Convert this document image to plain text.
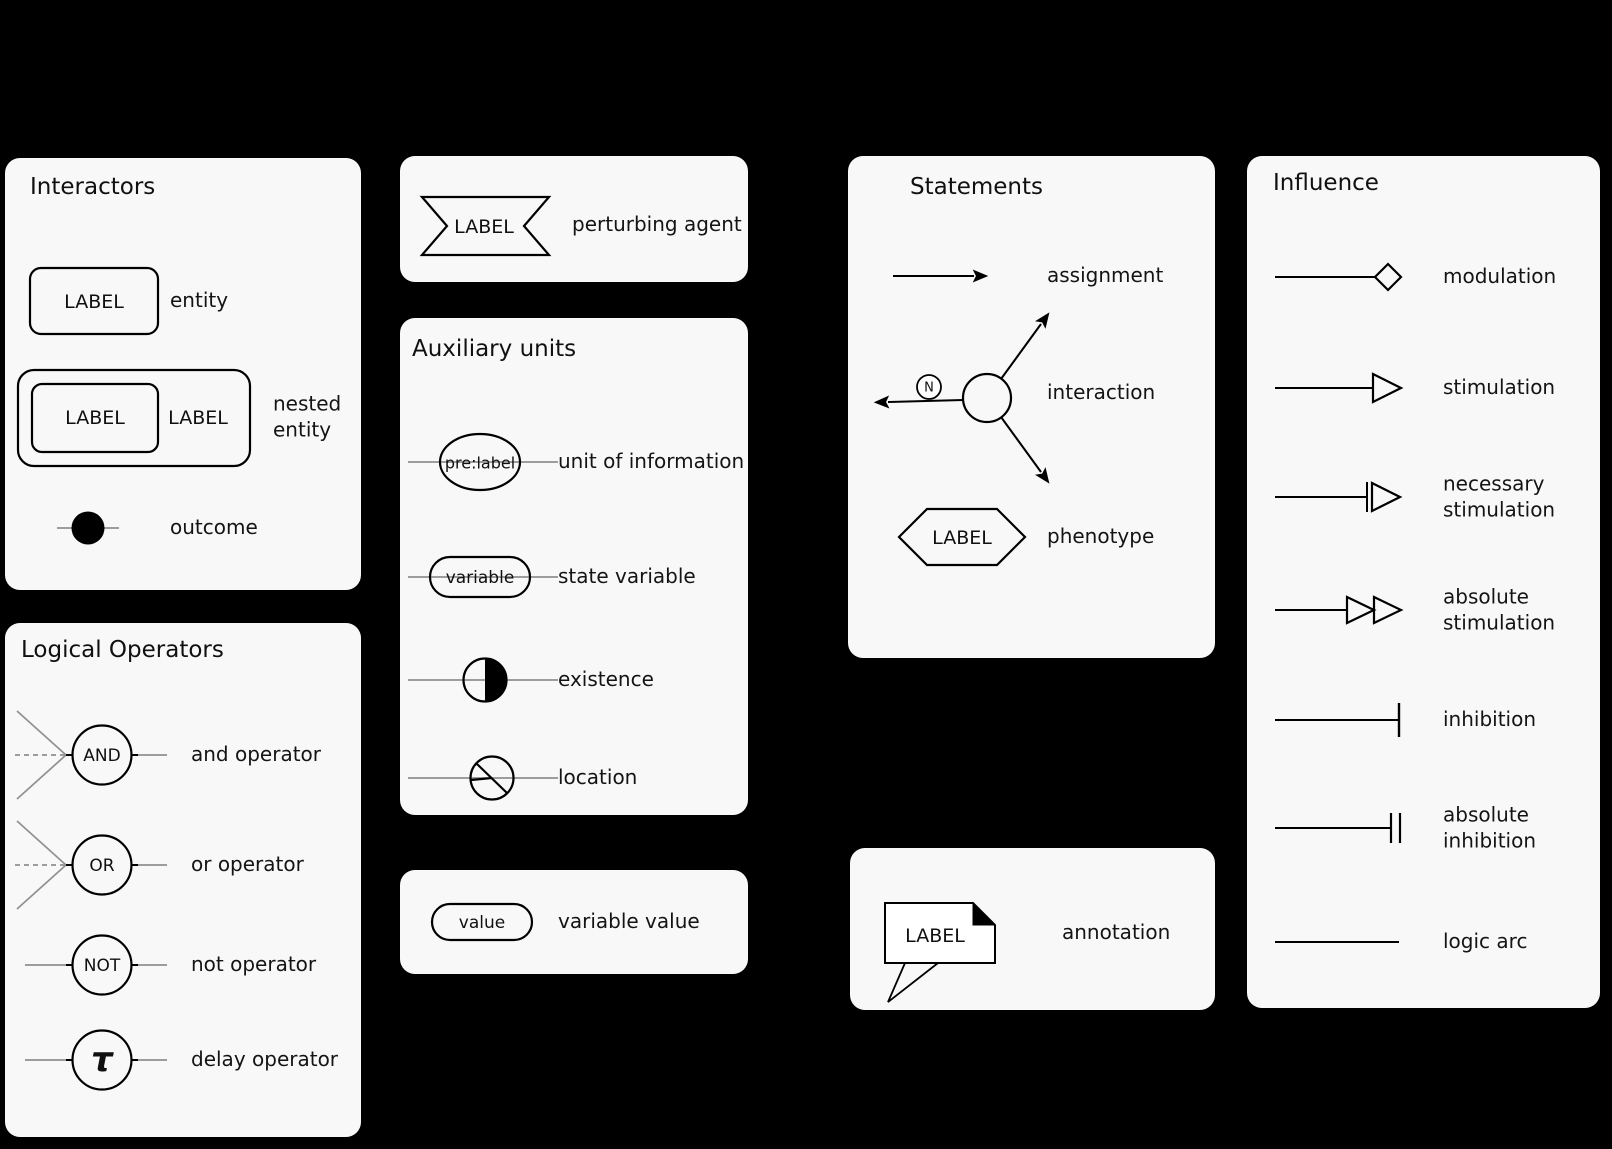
Interactors
LABEL entity
LABEL LABEL
nested entity
outcome
Logical Operators
AND	and operator
OR	or operator
NOT	not operator
τ	delay operator
LABEL	perturbing agent
Auxiliary units
pre:label unit of information
variable state variable
existence
location
value	variable value
Statements
assignment
N	interaction
LABEL	phenotype
LABEL	annotation
Influence
modulation
stimulation
necessary stimulation
absolute stimulation
inhibition
absolute inhibition
logic arc
